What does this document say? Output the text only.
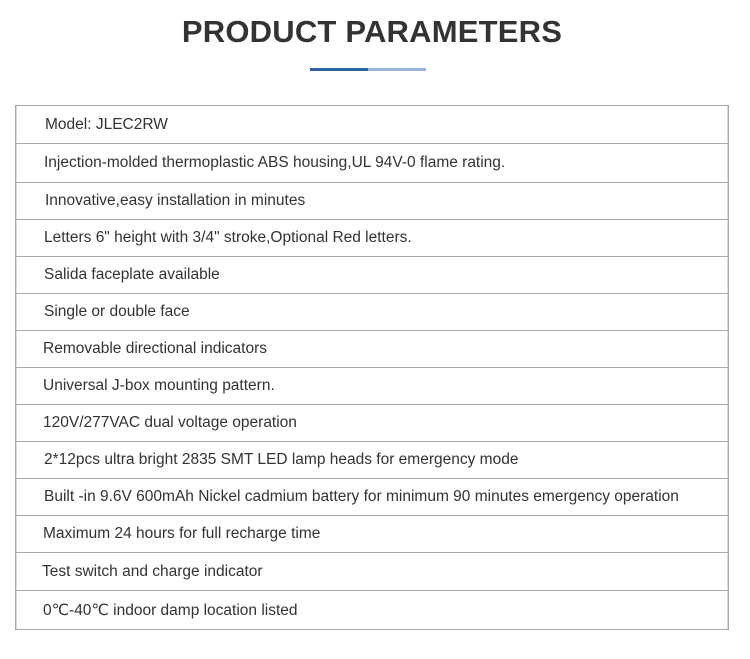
PRODUCT PARAMETERS
Model: JLEC2RW
Injection-molded thermoplastic ABS housing,UL 94V-0 flame rating.
Innovative,easy installation in minutes
Letters 6" height with 3/4" stroke,Optional Red letters.
Salida faceplate available
Single or double face
Removable directional indicators
Universal J-box mounting pattern.
120V/277VAC dual voltage operation
2*12pcs ultra bright 2835 SMT LED lamp heads for emergency mode
Built -in 9.6V 600mAh Nickel cadmium battery for minimum 90 minutes emergency operation
Maximum 24 hours for full recharge time
Test switch and charge indicator
0℃-40℃ indoor damp location listed
